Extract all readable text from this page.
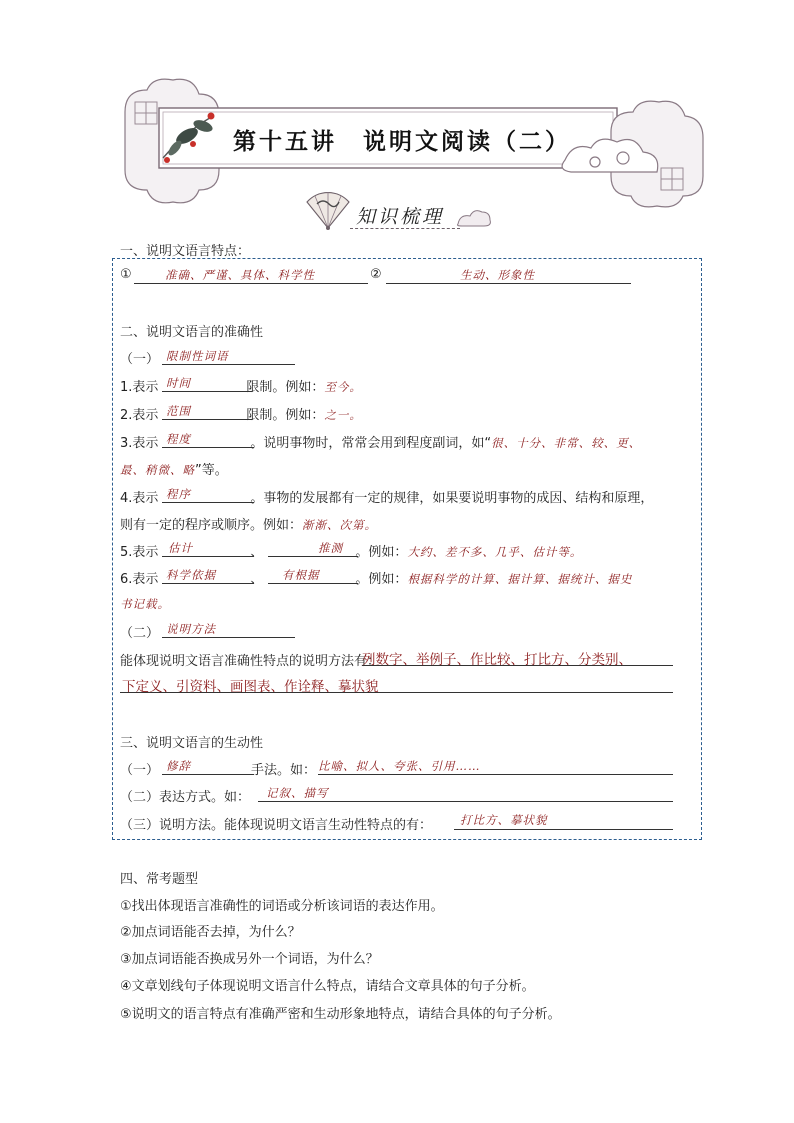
第十五讲　说明文阅读（二）
知识梳理
一、说明文语言特点：
①	准确、严谨、具体、科学性	②	生动、形象性
二、说明文语言的准确性
（一） 限制性词语
1.表示	限制。例如：至今。
时间
2.表示	限制。例如：之一。
范围
3.表示	。说明事物时，常常会用到程度副词，如“很、十分、非常、较、更、
程度
最、稍微、略”等。
4.表示	。事物的发展都有一定的规律，如果要说明事物的成因、结构和原理，
程序
则有一定的程序或顺序。例如：渐渐、次第。
5.表示	、	。例如：大约、差不多、几乎、估计等。
估计	推测
6.表示	、	。例如：根据科学的计算、据计算、据统计、据史
科学依据	有根据
书记载。
（二） 说明方法
能体现说明文语言准确性特点的说明方法有：
列数字、举例子、作比较、打比方、分类别、
下定义、引资料、画图表、作诠释、摹状貌
三、说明文语言的生动性
（一）	手法。如：
修辞	比喻、拟人、夸张、引用……
（二）表达方式。如： 记叙、描写
（三）说明方法。能体现说明文语言生动性特点的有： 打比方、摹状貌
四、常考题型
①找出体现语言准确性的词语或分析该词语的表达作用。
②加点词语能否去掉，为什么？
③加点词语能否换成另外一个词语，为什么？
④文章划线句子体现说明文语言什么特点，请结合文章具体的句子分析。
⑤说明文的语言特点有准确严密和生动形象地特点，请结合具体的句子分析。
